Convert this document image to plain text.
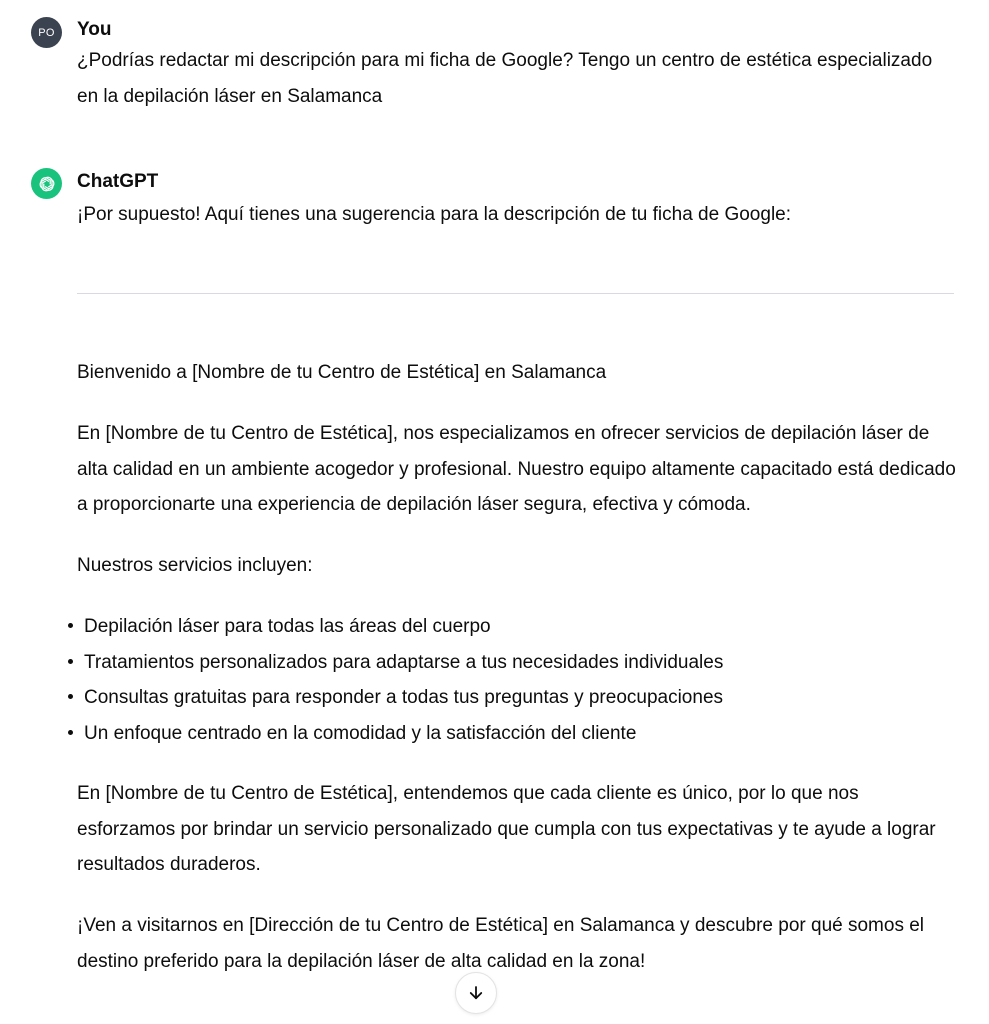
PO You

¿Podrías redactar mi descripción para mi ficha de Google? Tengo un centro de estética especializado en la depilación láser en Salamanca

ChatGPT

¡Por supuesto! Aquí tienes una sugerencia para la descripción de tu ficha de Google:

Bienvenido a [Nombre de tu Centro de Estética] en Salamanca

En [Nombre de tu Centro de Estética], nos especializamos en ofrecer servicios de depilación láser de alta calidad en un ambiente acogedor y profesional. Nuestro equipo altamente capacitado está dedicado a proporcionarte una experiencia de depilación láser segura, efectiva y cómoda.

Nuestros servicios incluyen:

Depilación láser para todas las áreas del cuerpo
Tratamientos personalizados para adaptarse a tus necesidades individuales
Consultas gratuitas para responder a todas tus preguntas y preocupaciones
Un enfoque centrado en la comodidad y la satisfacción del cliente

En [Nombre de tu Centro de Estética], entendemos que cada cliente es único, por lo que nos esforzamos por brindar un servicio personalizado que cumpla con tus expectativas y te ayude a lograr resultados duraderos.

¡Ven a visitarnos en [Dirección de tu Centro de Estética] en Salamanca y descubre por qué somos el destino preferido para la depilación láser de alta calidad en la zona!
